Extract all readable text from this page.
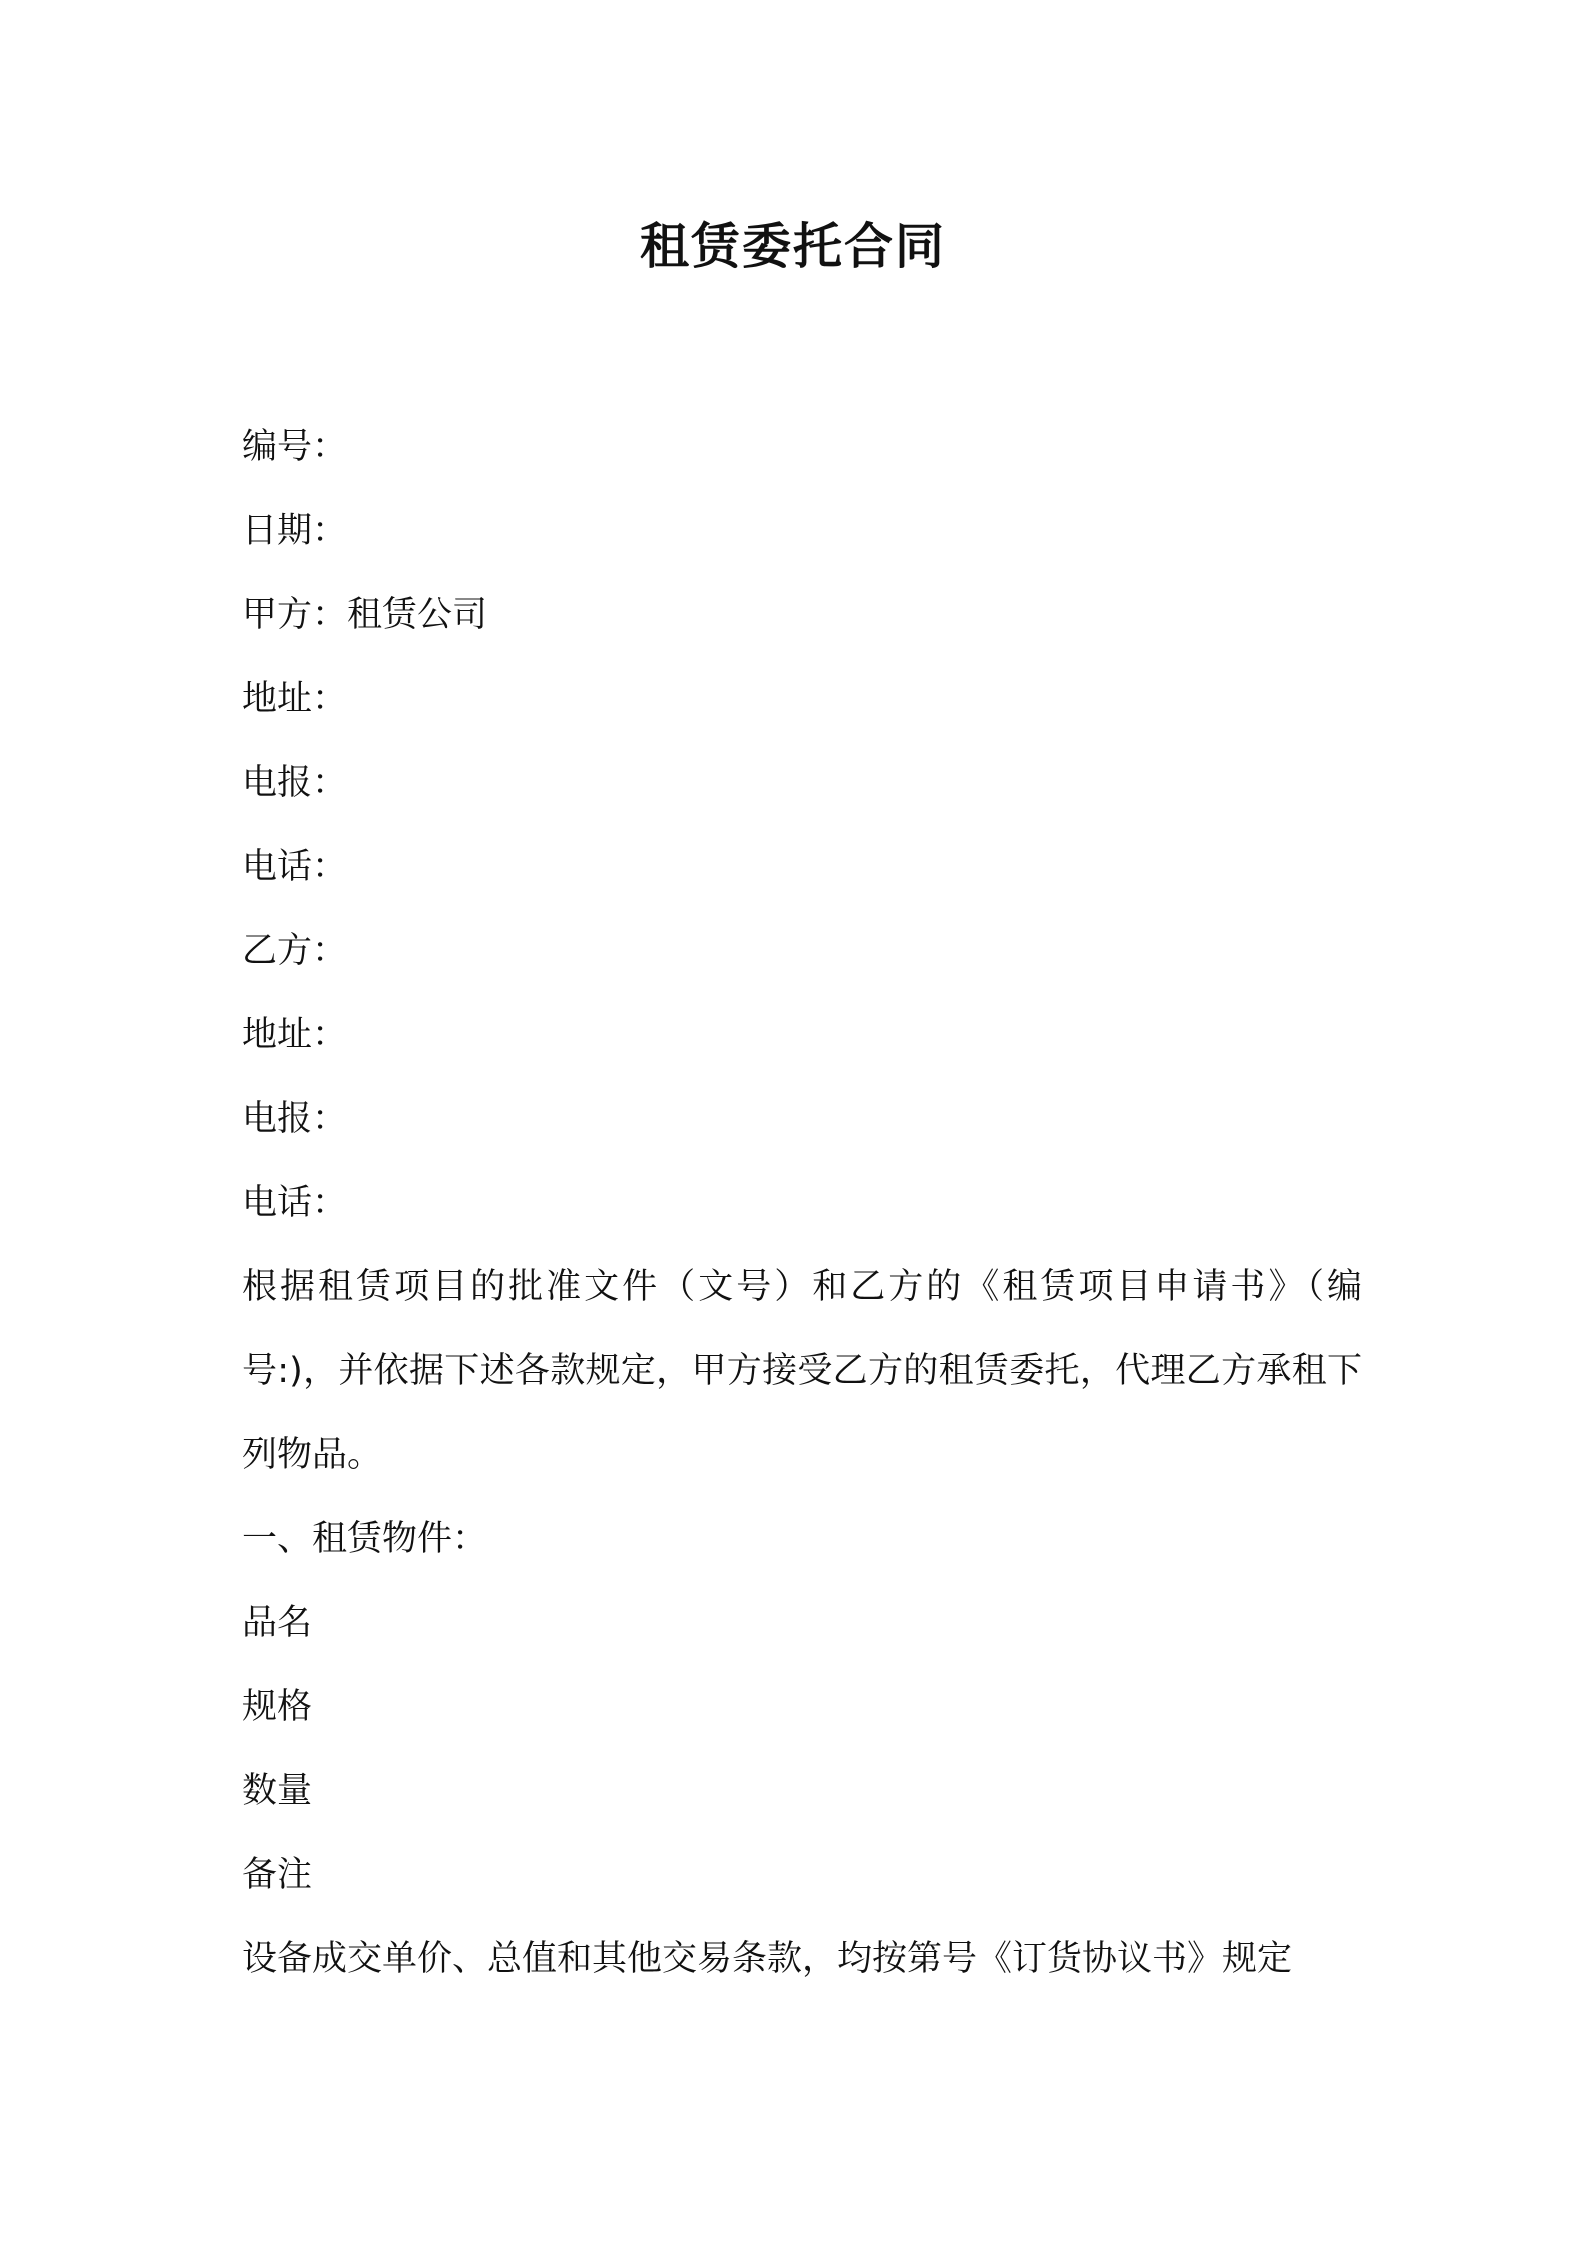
租赁委托合同

编号：

日期：

甲方：租赁公司

地址：

电报：

电话：

乙方：

地址：

电报：

电话：

根据租赁项目的批准文件（文号）和乙方的《租赁项目申请书》（编号:)，并依据下述各款规定，甲方接受乙方的租赁委托，代理乙方承租下列物品。

一、租赁物件：

品名

规格

数量

备注

设备成交单价、总值和其他交易条款，均按第号《订货协议书》规定
